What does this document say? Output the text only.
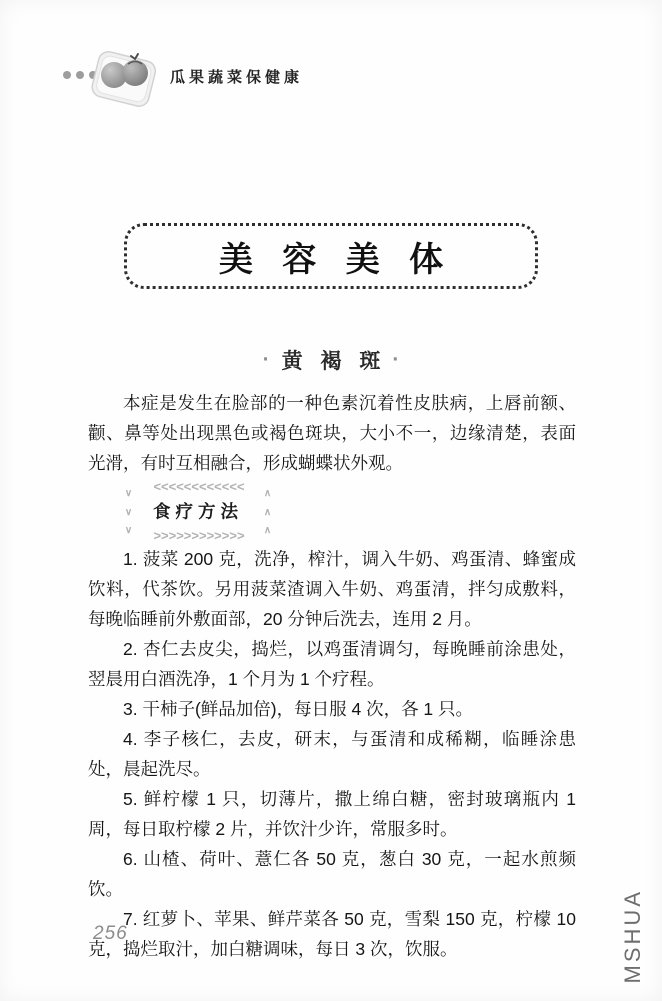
瓜果蔬菜保健康
美 容 美 体
· 黄 褐 斑 ·

本症是发生在脸部的一种色素沉着性皮肤病，上唇前额、颧、鼻等处出现黑色或褐色斑块，大小不一，边缘清楚，表面光滑，有时互相融合，形成蝴蝶状外观。

<<<<<<<<<<<<
>>>>>>>>>>>>
∨
∨
∨
∧
∧
∧
食疗方法

1. 菠菜 200 克，洗净，榨汁，调入牛奶、鸡蛋清、蜂蜜成饮料，代茶饮。另用菠菜渣调入牛奶、鸡蛋清，拌匀成敷料，每晚临睡前外敷面部，20 分钟后洗去，连用 2 月。

2. 杏仁去皮尖，捣烂，以鸡蛋清调匀，每晚睡前涂患处，翌晨用白酒洗净，1 个月为 1 个疗程。

3. 干柿子(鲜品加倍)，每日服 4 次，各 1 只。

4. 李子核仁，去皮，研末，与蛋清和成稀糊，临睡涂患处，晨起洗尽。

5. 鲜柠檬 1 只，切薄片，撒上绵白糖，密封玻璃瓶内 1 周，每日取柠檬 2 片，并饮汁少许，常服多时。

6. 山楂、荷叶、薏仁各 50 克，葱白 30 克，一起水煎频饮。

7. 红萝卜、苹果、鲜芹菜各 50 克，雪梨 150 克，柠檬 10 克，捣烂取汁，加白糖调味，每日 3 次，饮服。

256	MSHUA
